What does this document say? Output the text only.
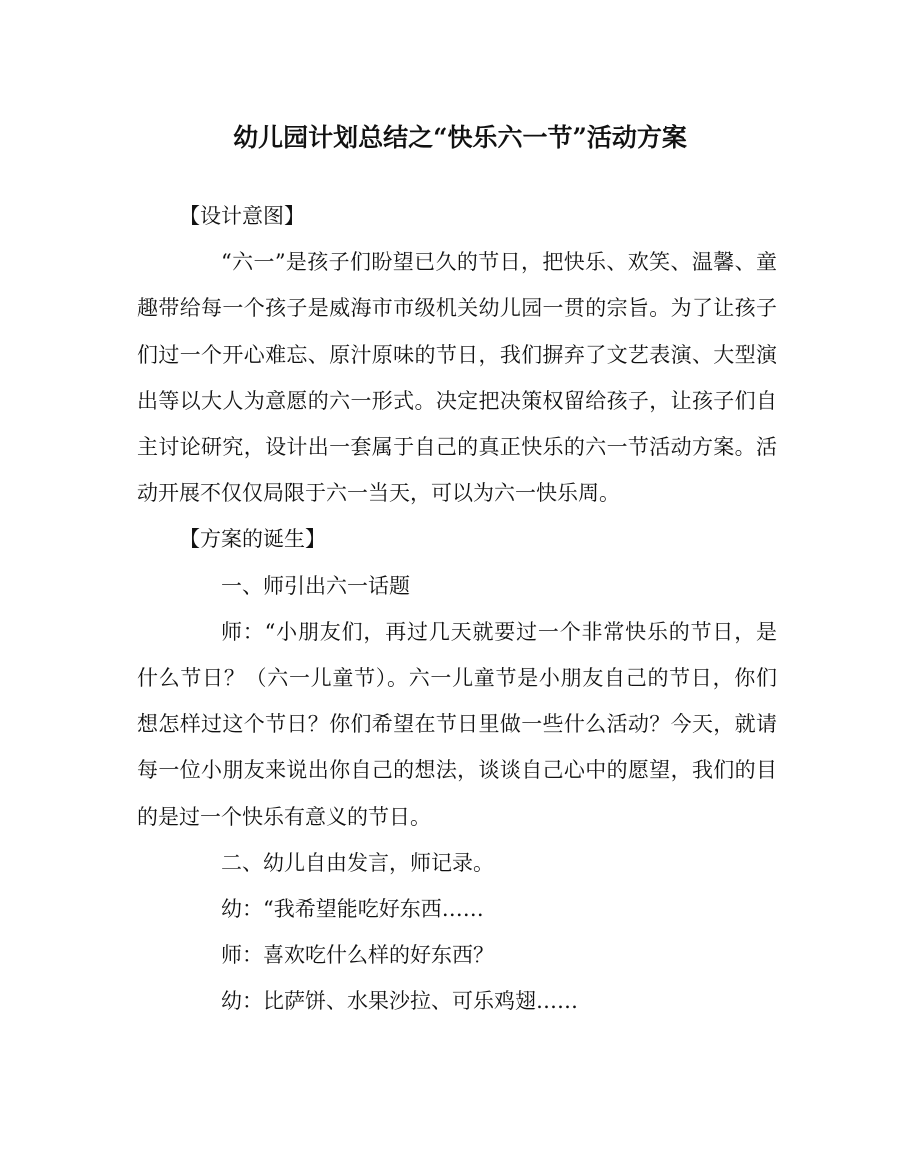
幼儿园计划总结之“快乐六一节”活动方案

【设计意图】

“六一”是孩子们盼望已久的节日，把快乐、欢笑、温馨、童趣带给每一个孩子是威海市市级机关幼儿园一贯的宗旨。为了让孩子们过一个开心难忘、原汁原味的节日，我们摒弃了文艺表演、大型演出等以大人为意愿的六一形式。决定把决策权留给孩子，让孩子们自主讨论研究，设计出一套属于自己的真正快乐的六一节活动方案。活动开展不仅仅局限于六一当天，可以为六一快乐周。

【方案的诞生】

一、师引出六一话题

师：“小朋友们，再过几天就要过一个非常快乐的节日，是什么节日？（六一儿童节）。六一儿童节是小朋友自己的节日，你们想怎样过这个节日？你们希望在节日里做一些什么活动？今天，就请每一位小朋友来说出你自己的想法，谈谈自己心中的愿望，我们的目的是过一个快乐有意义的节日。

二、幼儿自由发言，师记录。

幼：“我希望能吃好东西……

师：喜欢吃什么样的好东西？

幼：比萨饼、水果沙拉、可乐鸡翅……
